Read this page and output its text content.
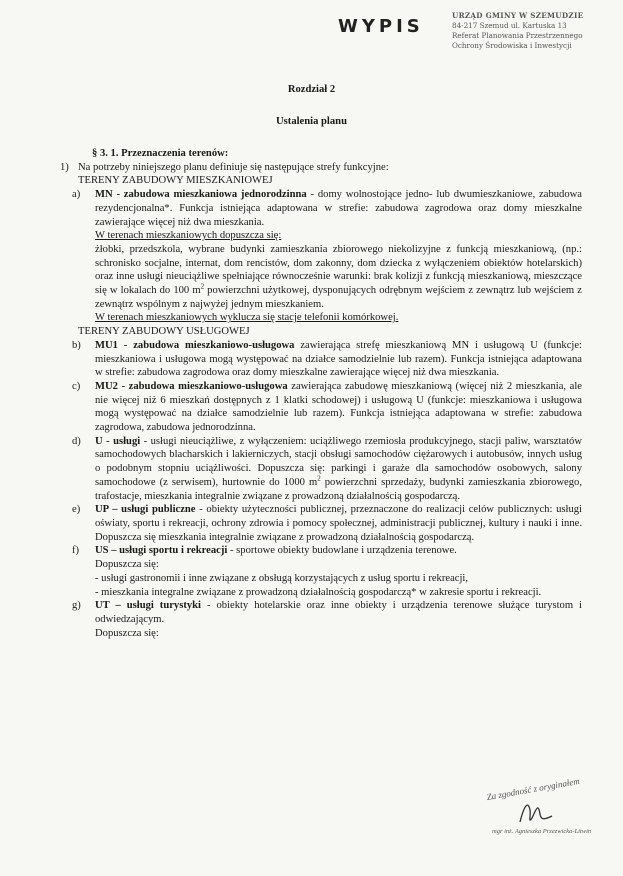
WYPIS
URZĄD GMINY W SZEMUDZIE
84-217 Szemud ul. Kartuska 13
Referat Planowania Przestrzennego
Ochrony Środowiska i Inwestycji
Rozdział 2
Ustalenia planu

§ 3. 1. Przeznaczenia terenów:

1) Na potrzeby niniejszego planu definiuje się następujące strefy funkcyjne:

TERENY ZABUDOWY MIESZKANIOWEJ

a)	MN - zabudowa mieszkaniowa jednorodzinna - domy wolnostojące jedno- lub dwumieszkaniowe, zabudowa rezydencjonalna*. Funkcja istniejąca adaptowana w strefie: zabudowa zagrodowa oraz domy mieszkalne zawierające więcej niż dwa mieszkania.

W terenach mieszkaniowych dopuszcza się:

żłobki, przedszkola, wybrane budynki zamieszkania zbiorowego niekolizyjne z funkcją mieszkaniową, (np.: schronisko socjalne, internat, dom rencistów, dom zakonny, dom dziecka z wyłączeniem obiektów hotelarskich) oraz inne usługi nieuciążliwe spełniające równocześnie warunki: brak kolizji z funkcją mieszkaniową, mieszczące się w lokalach do 100 $m^2$ powierzchni użytkowej, dysponujących odrębnym wejściem z zewnątrz lub wejściem z zewnątrz wspólnym z najwyżej jednym mieszkaniem.

W terenach mieszkaniowych wyklucza się stacje telefonii komórkowej.

TERENY ZABUDOWY USŁUGOWEJ

b)	MU1 - zabudowa mieszkaniowo-usługowa zawierająca strefę mieszkaniową MN i usługową U (funkcje: mieszkaniowa i usługowa mogą występować na działce samodzielnie lub razem). Funkcja istniejąca adaptowana w strefie: zabudowa zagrodowa oraz domy mieszkalne zawierające więcej niż dwa mieszkania.
c)	MU2 - zabudowa mieszkaniowo-usługowa zawierająca zabudowę mieszkaniową (więcej niż 2 mieszkania, ale nie więcej niż 6 mieszkań dostępnych z 1 klatki schodowej) i usługową U (funkcje: mieszkaniowa i usługowa mogą występować na działce samodzielnie lub razem). Funkcja istniejąca adaptowana w strefie: zabudowa zagrodowa, zabudowa jednorodzinna.
d)	U - usługi - usługi nieuciążliwe, z wyłączeniem: uciążliwego rzemiosła produkcyjnego, stacji paliw, warsztatów samochodowych blacharskich i lakierniczych, stacji obsługi samochodów ciężarowych i autobusów, innych usług o podobnym stopniu uciążliwości. Dopuszcza się: parkingi i garaże dla samochodów osobowych, salony samochodowe (z serwisem), hurtownie do 1000 $m^2$ powierzchni sprzedaży, budynki zamieszkania zbiorowego, trafostacje, mieszkania integralnie związane z prowadzoną działalnością gospodarczą.
e)	UP – usługi publiczne - obiekty użyteczności publicznej, przeznaczone do realizacji celów publicznych: usługi oświaty, sportu i rekreacji, ochrony zdrowia i pomocy społecznej, administracji publicznej, kultury i nauki i inne. Dopuszcza się mieszkania integralnie związane z prowadzoną działalnością gospodarczą.
f)	US – usługi sportu i rekreacji - sportowe obiekty budowlane i urządzenia terenowe.

Dopuszcza się:

- usługi gastronomii i inne związane z obsługą korzystających z usług sportu i rekreacji,

- mieszkania integralne związane z prowadzoną działalnością gospodarczą* w zakresie sportu i rekreacji.

g)	UT – usługi turystyki - obiekty hotelarskie oraz inne obiekty i urządzenia terenowe służące turystom i odwiedzającym.

Dopuszcza się:

Za zgodność z oryginałem
mgr inż. Agnieszka Przezwicka-Litwin
